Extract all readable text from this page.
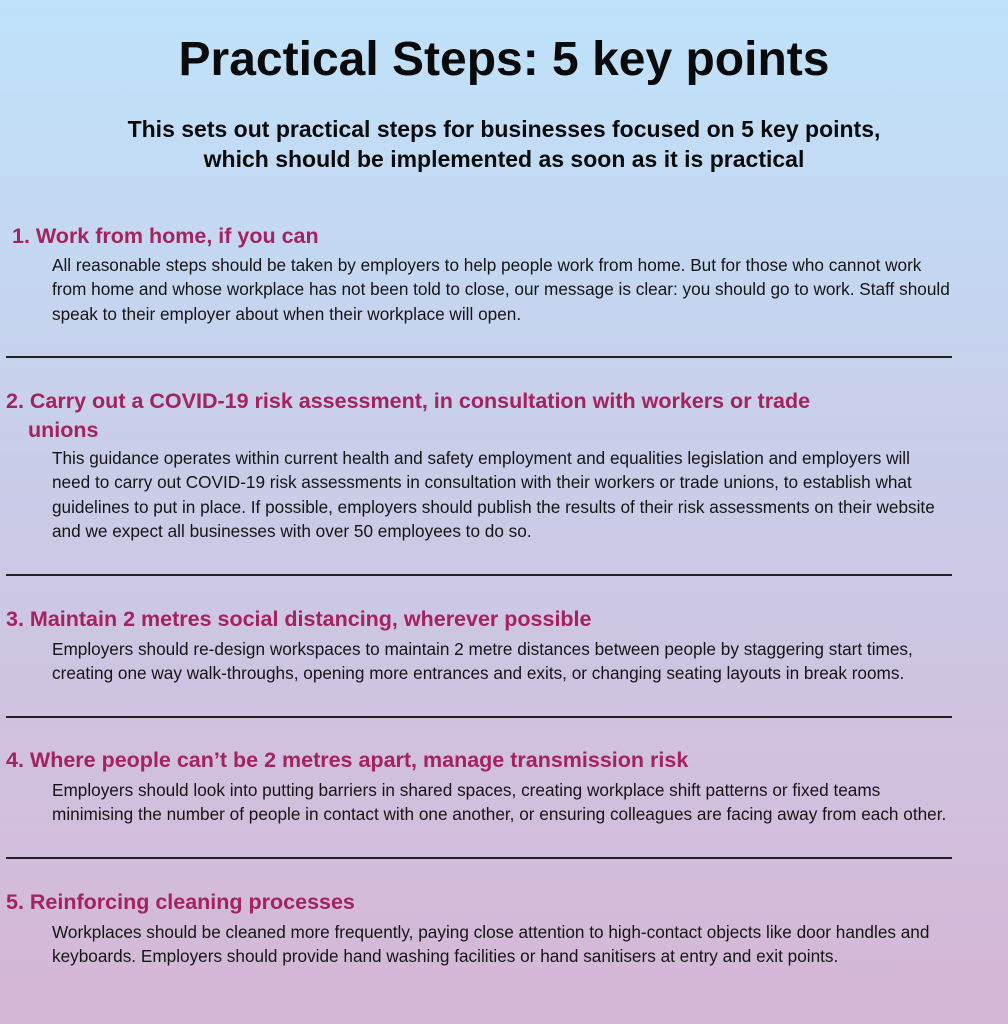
Practical Steps: 5 key points
This sets out practical steps for businesses focused on 5 key points,
which should be implemented as soon as it is practical

1. Work from home, if you can

All reasonable steps should be taken by employers to help people work from home. But for those who cannot work from home and whose workplace has not been told to close, our message is clear: you should go to work. Staff should speak to their employer about when their workplace will open.

2. Carry out a COVID-19 risk assessment, in consultation with workers or trade
unions

This guidance operates within current health and safety employment and equalities legislation and employers will need to carry out COVID-19 risk assessments in consultation with their workers or trade unions, to establish what guidelines to put in place. If possible, employers should publish the results of their risk assessments on their website and we expect all businesses with over 50 employees to do so.

3. Maintain 2 metres social distancing, wherever possible

Employers should re-design workspaces to maintain 2 metre distances between people by staggering start times, creating one way walk-throughs, opening more entrances and exits, or changing seating layouts in break rooms.

4. Where people can’t be 2 metres apart, manage transmission risk

Employers should look into putting barriers in shared spaces, creating workplace shift patterns or fixed teams minimising the number of people in contact with one another, or ensuring colleagues are facing away from each other.

5. Reinforcing cleaning processes

Workplaces should be cleaned more frequently, paying close attention to high-contact objects like door handles and keyboards. Employers should provide hand washing facilities or hand sanitisers at entry and exit points.
